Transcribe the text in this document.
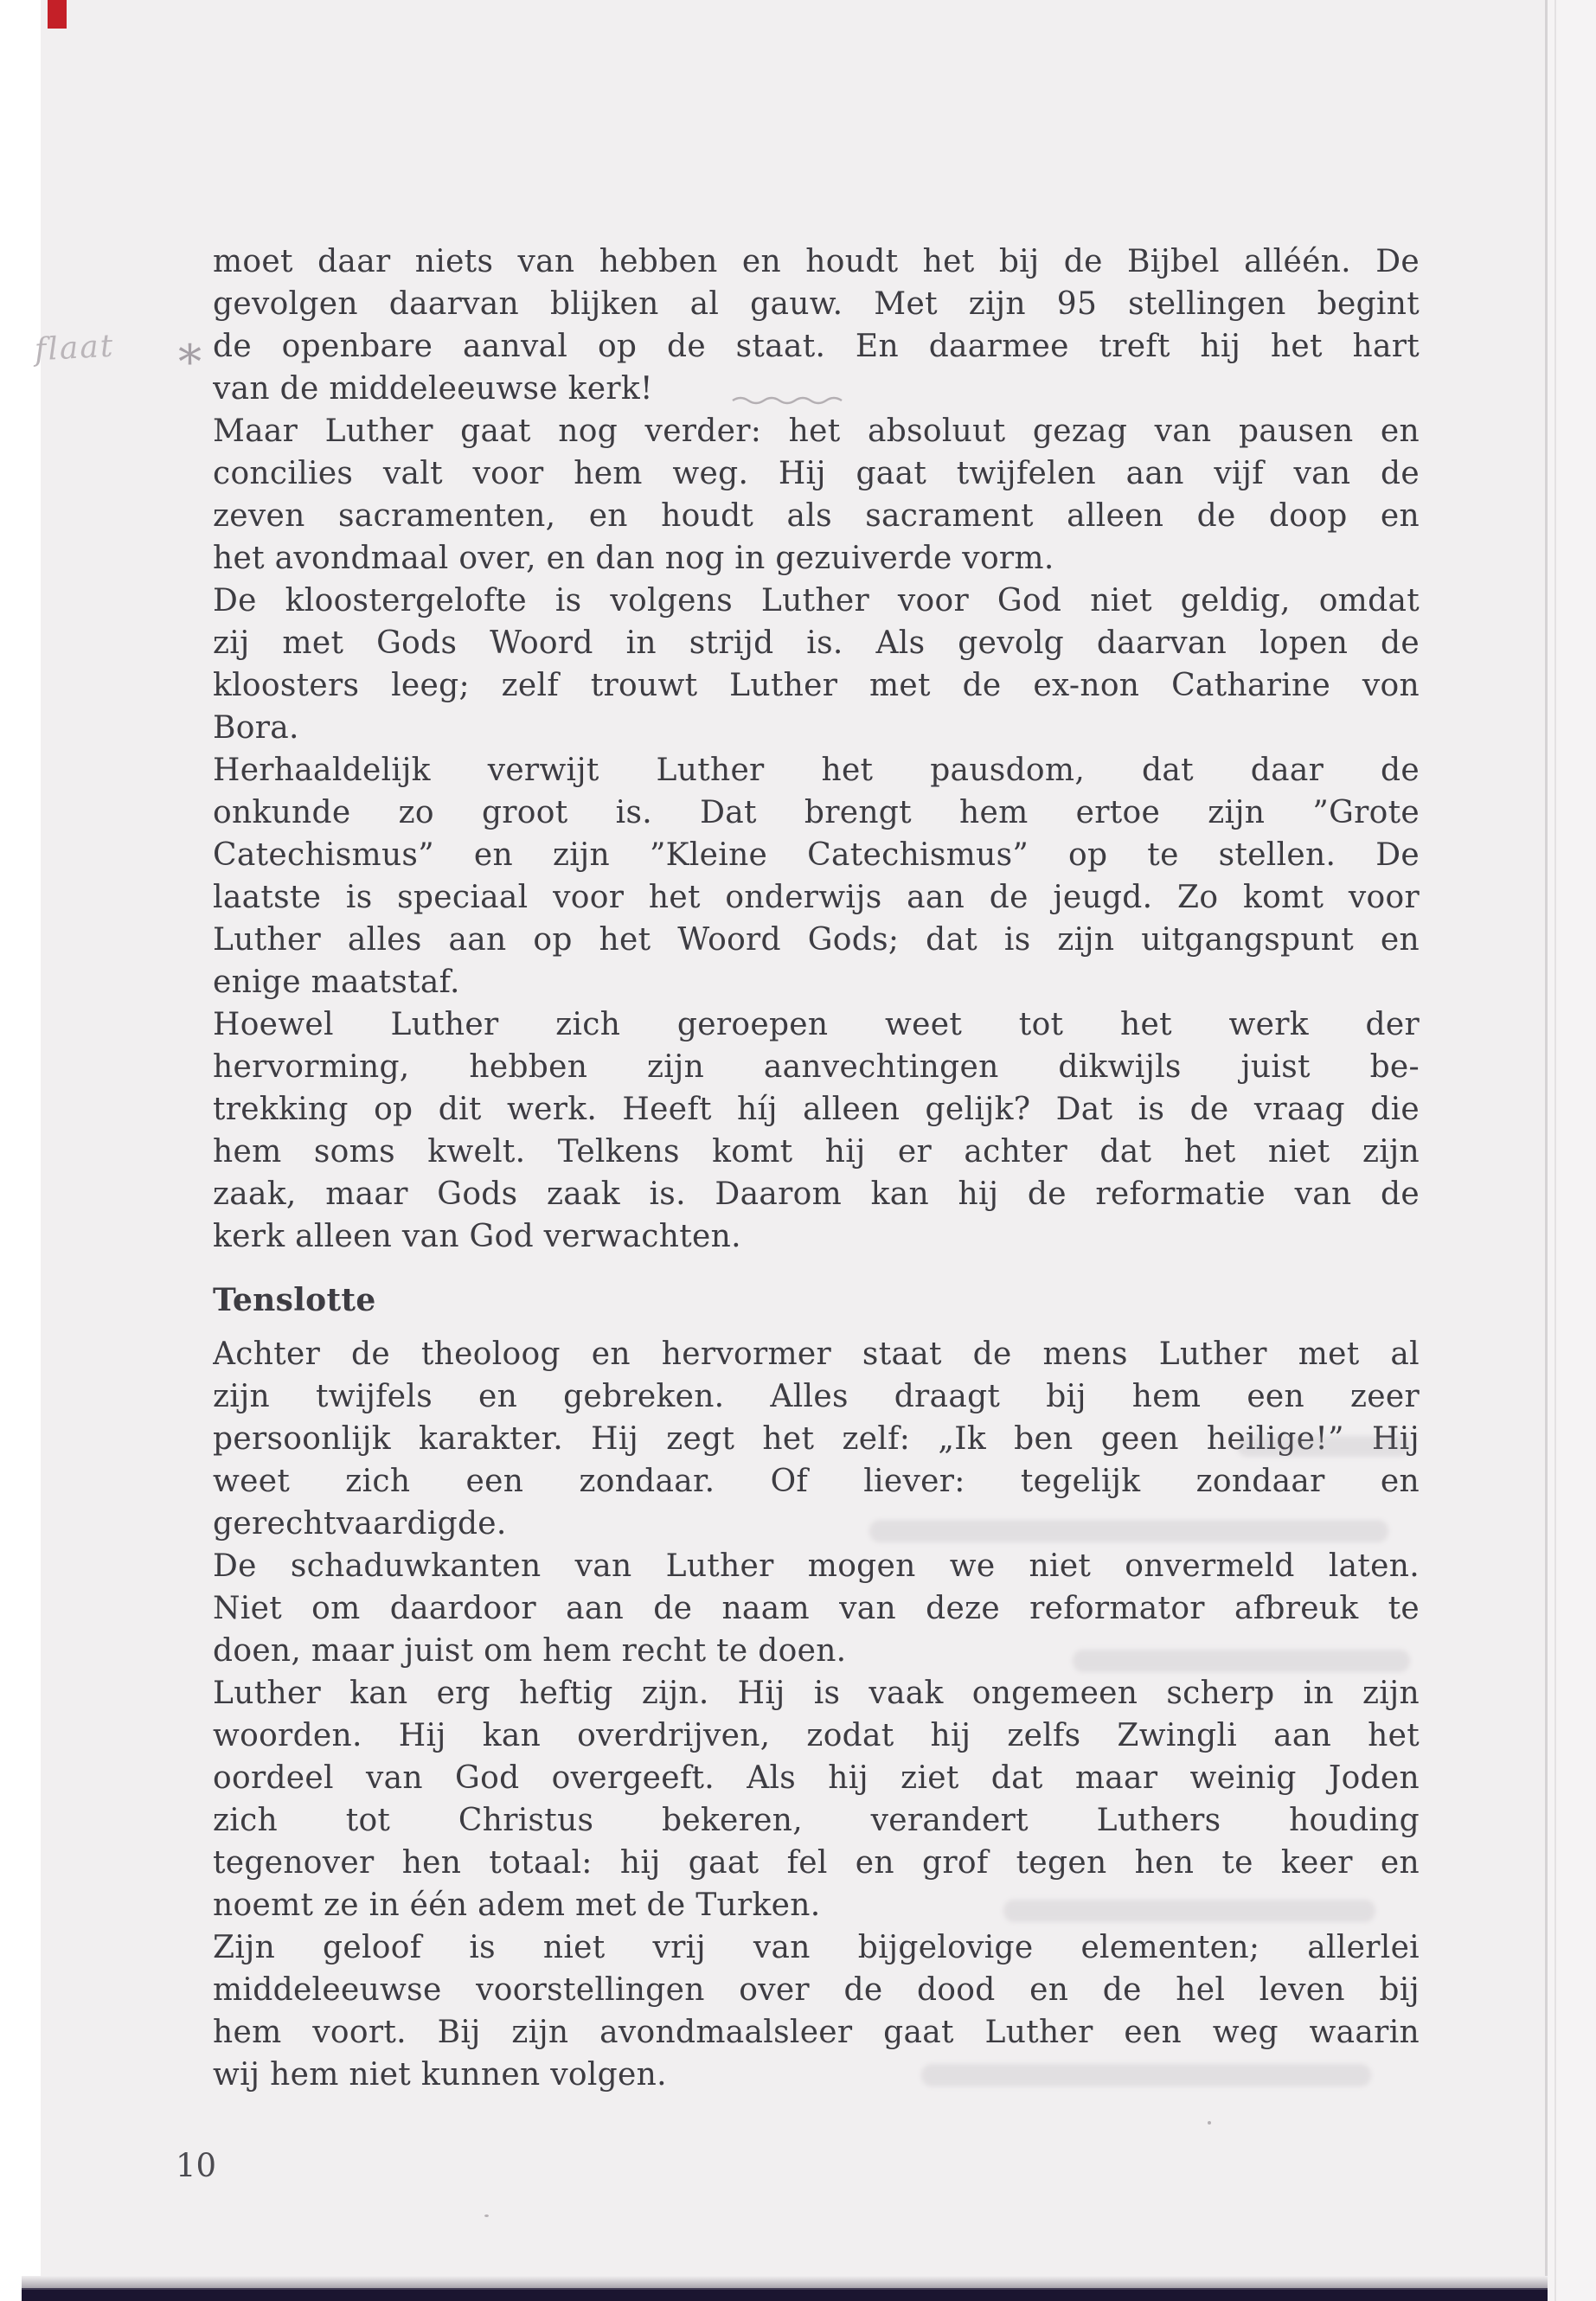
flaat *

moet daar niets van hebben en houdt het bij de Bijbel alléén. De
gevolgen daarvan blijken al gauw. Met zijn 95 stellingen begint
de openbare aanval op de staat. En daarmee treft hij het hart
van de middeleeuwse kerk!

Maar Luther gaat nog verder: het absoluut gezag van pausen en
concilies valt voor hem weg. Hij gaat twijfelen aan vijf van de
zeven sacramenten, en houdt als sacrament alleen de doop en
het avondmaal over, en dan nog in gezuiverde vorm.

De kloostergelofte is volgens Luther voor God niet geldig, omdat
zij met Gods Woord in strijd is. Als gevolg daarvan lopen de
kloosters leeg; zelf trouwt Luther met de ex-non Catharine von
Bora.

Herhaaldelijk verwijt Luther het pausdom, dat daar de
onkunde zo groot is. Dat brengt hem ertoe zijn ”Grote
Catechismus” en zijn ”Kleine Catechismus” op te stellen. De
laatste is speciaal voor het onderwijs aan de jeugd. Zo komt voor
Luther alles aan op het Woord Gods; dat is zijn uitgangspunt en
enige maatstaf.

Hoewel Luther zich geroepen weet tot het werk der
hervorming, hebben zijn aanvechtingen dikwijls juist be-
trekking op dit werk. Heeft híj alleen gelijk? Dat is de vraag die
hem soms kwelt. Telkens komt hij er achter dat het niet zijn
zaak, maar Gods zaak is. Daarom kan hij de reformatie van de
kerk alleen van God verwachten.

Tenslotte

Achter de theoloog en hervormer staat de mens Luther met al
zijn twijfels en gebreken. Alles draagt bij hem een zeer
persoonlijk karakter. Hij zegt het zelf: „Ik ben geen heilige!” Hij
weet zich een zondaar. Of liever: tegelijk zondaar en
gerechtvaardigde.

De schaduwkanten van Luther mogen we niet onvermeld laten.
Niet om daardoor aan de naam van deze reformator afbreuk te
doen, maar juist om hem recht te doen.

Luther kan erg heftig zijn. Hij is vaak ongemeen scherp in zijn
woorden. Hij kan overdrijven, zodat hij zelfs Zwingli aan het
oordeel van God overgeeft. Als hij ziet dat maar weinig Joden
zich tot Christus bekeren, verandert Luthers houding
tegenover hen totaal: hij gaat fel en grof tegen hen te keer en
noemt ze in één adem met de Turken.

Zijn geloof is niet vrij van bijgelovige elementen; allerlei
middeleeuwse voorstellingen over de dood en de hel leven bij
hem voort. Bij zijn avondmaalsleer gaat Luther een weg waarin
wij hem niet kunnen volgen.

10
